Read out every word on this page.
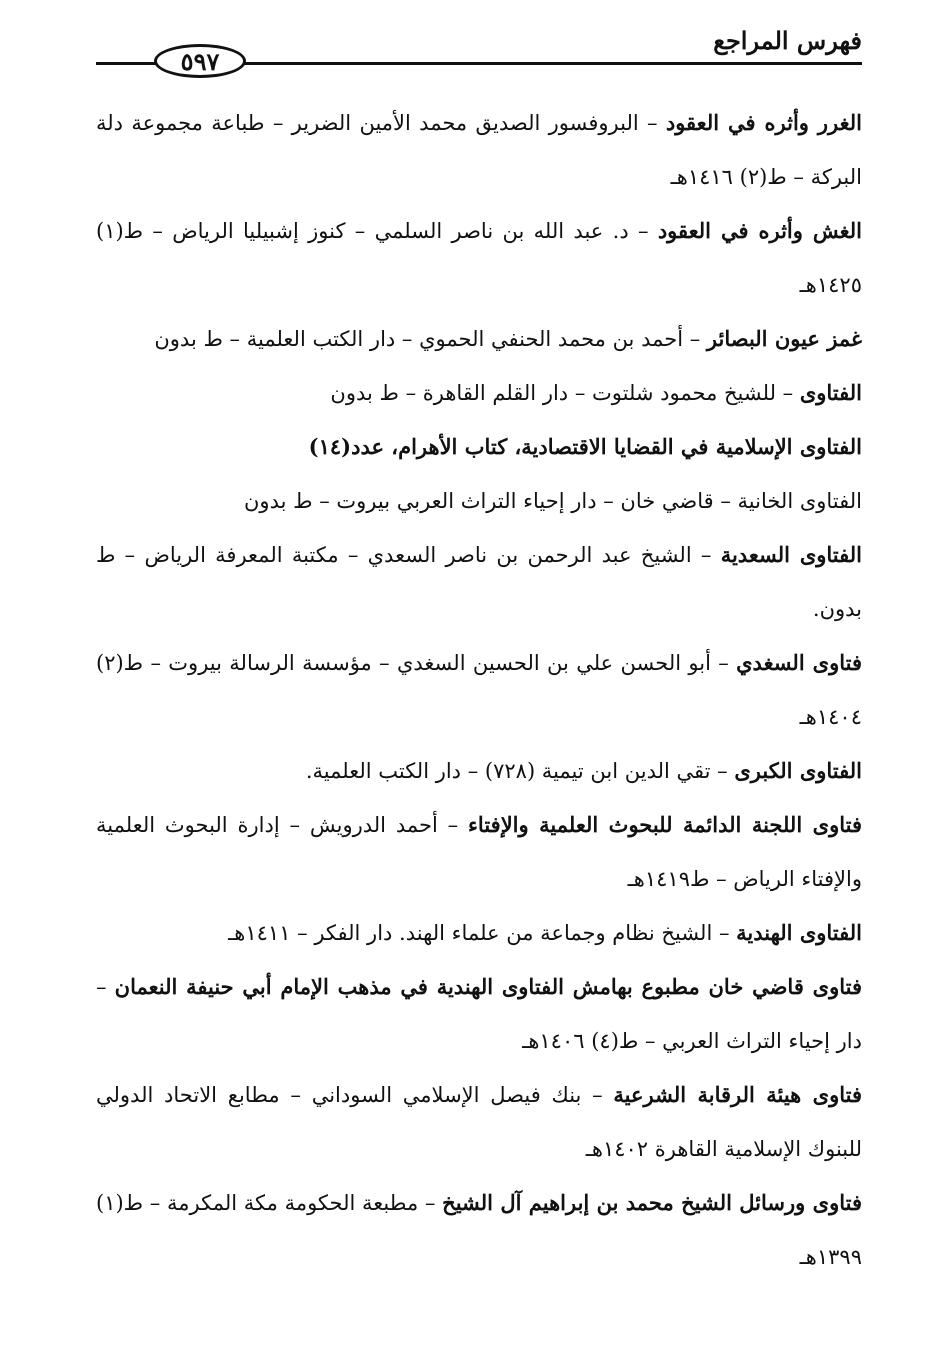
فهرس المراجع
٥٩٧

الغرر وأثره في العقود – البروفسور الصديق محمد الأمين الضرير – طباعة مجموعة دلة البركة – ط(٢) ١٤١٦هـ

الغش وأثره في العقود – د. عبد الله بن ناصر السلمي – كنوز إشبيليا الرياض – ط(١) ١٤٢٥هـ

غمز عيون البصائر – أحمد بن محمد الحنفي الحموي – دار الكتب العلمية – ط بدون

الفتاوى – للشيخ محمود شلتوت – دار القلم القاهرة – ط بدون

الفتاوى الإسلامية في القضايا الاقتصادية، كتاب الأهرام، عدد(١٤)

الفتاوى الخانية – قاضي خان – دار إحياء التراث العربي بيروت – ط بدون

الفتاوى السعدية – الشيخ عبد الرحمن بن ناصر السعدي – مكتبة المعرفة الرياض – ط بدون.

فتاوى السغدي – أبو الحسن علي بن الحسين السغدي – مؤسسة الرسالة بيروت – ط(٢) ١٤٠٤هـ

الفتاوى الكبرى – تقي الدين ابن تيمية (٧٢٨) – دار الكتب العلمية.

فتاوى اللجنة الدائمة للبحوث العلمية والإفتاء – أحمد الدرويش – إدارة البحوث العلمية والإفتاء الرياض – ط١٤١٩هـ

الفتاوى الهندية – الشيخ نظام وجماعة من علماء الهند. دار الفكر – ١٤١١هـ

فتاوى قاضي خان مطبوع بهامش الفتاوى الهندية في مذهب الإمام أبي حنيفة النعمان – دار إحياء التراث العربي – ط(٤) ١٤٠٦هـ

فتاوى هيئة الرقابة الشرعية – بنك فيصل الإسلامي السوداني – مطابع الاتحاد الدولي للبنوك الإسلامية القاهرة ١٤٠٢هـ

فتاوى ورسائل الشيخ محمد بن إبراهيم آل الشيخ – مطبعة الحكومة مكة المكرمة – ط(١) ١٣٩٩هـ
